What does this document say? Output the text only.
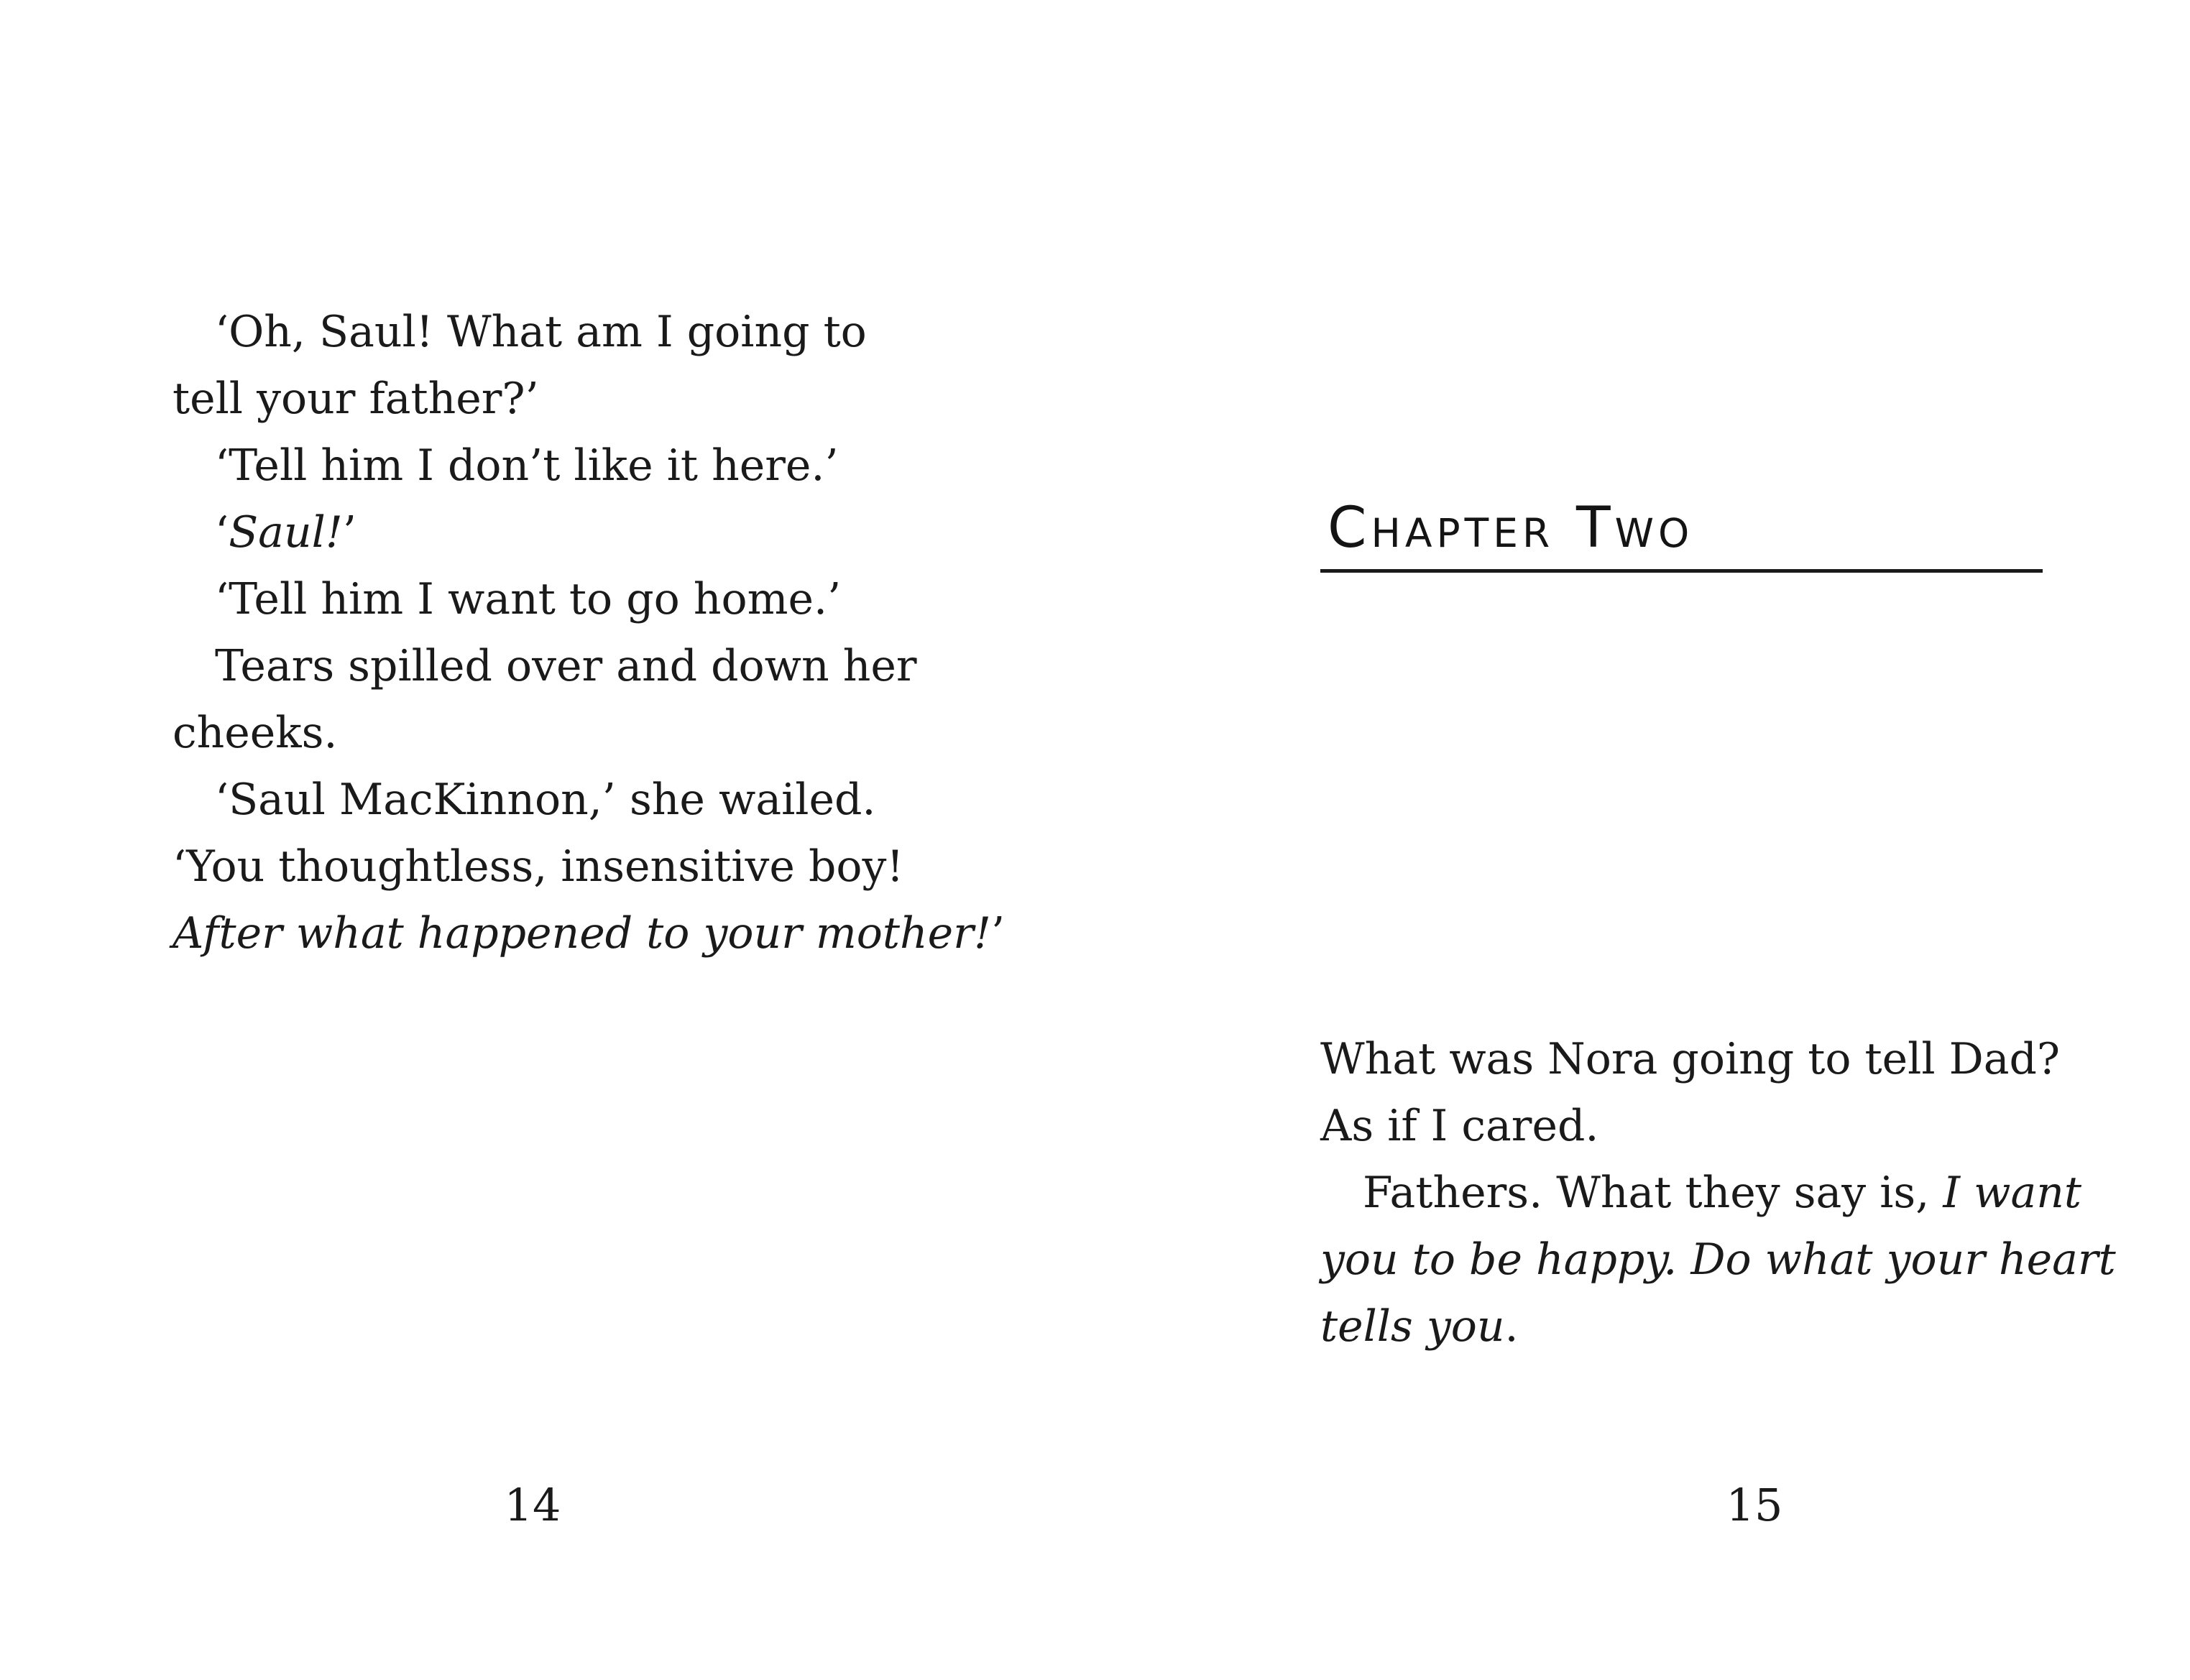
‘Oh, Saul! What am I going to
tell your father?’
‘Tell him I don’t like it here.’
‘Saul!’
‘Tell him I want to go home.’
Tears spilled over and down her
cheeks.
‘Saul MacKinnon,’ she wailed.
‘You thoughtless, insensitive boy!
After what happened to your mother!’
14
Chapter Two
What was Nora going to tell Dad?
As if I cared.
Fathers. What they say is, I want
you to be happy. Do what your heart
tells you.
15
